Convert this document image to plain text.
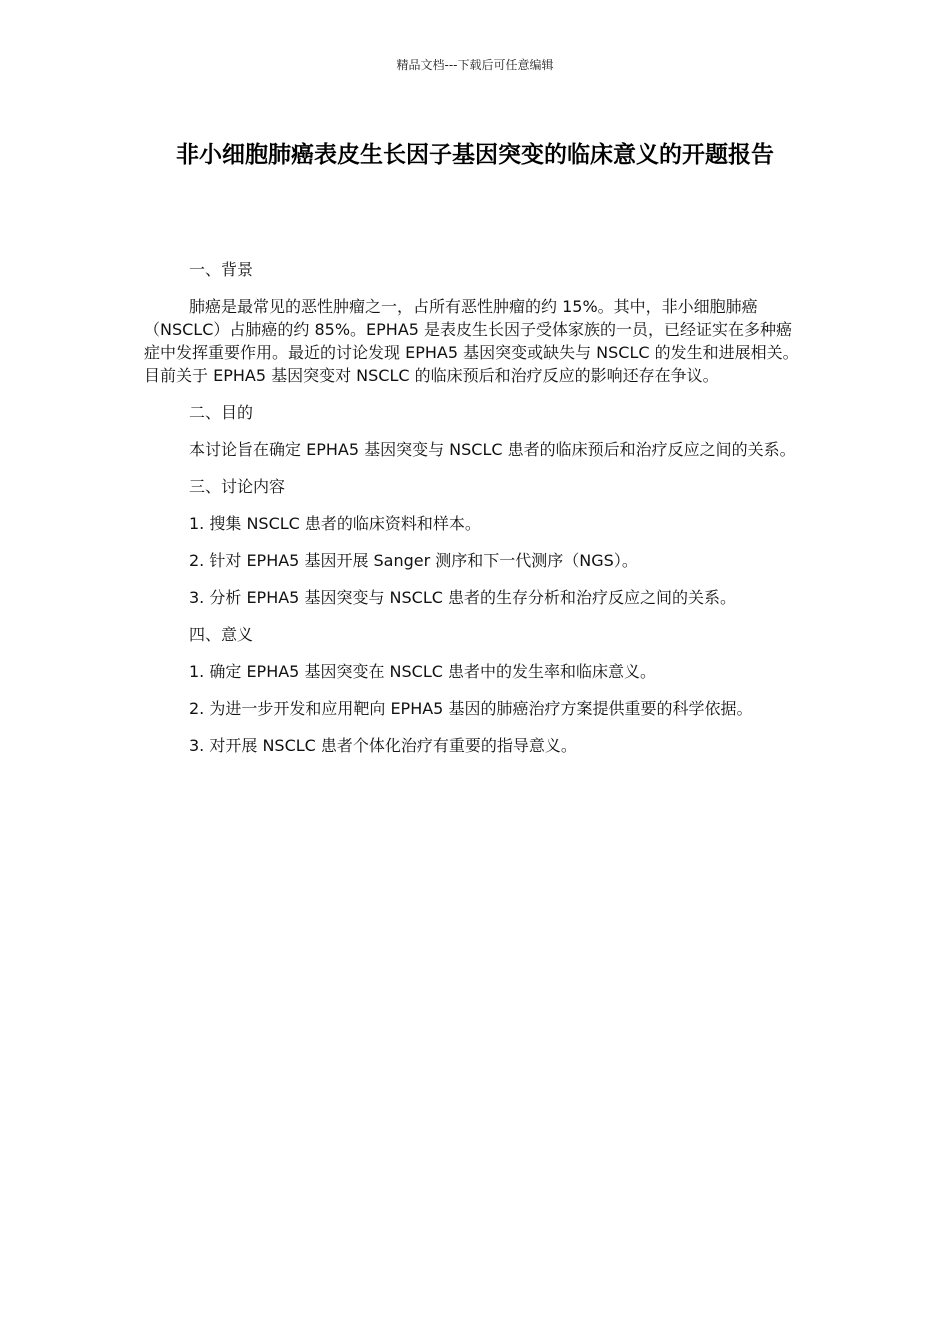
精品文档---下载后可任意编辑
非小细胞肺癌表皮生长因子基因突变的临床意义的开题报告

一、背景

肺癌是最常见的恶性肿瘤之一，占所有恶性肿瘤的约 15%。其中，非小细胞肺癌（NSCLC）占肺癌的约 85%。EPHA5 是表皮生长因子受体家族的一员，已经证实在多种癌症中发挥重要作用。最近的讨论发现 EPHA5 基因突变或缺失与 NSCLC 的发生和进展相关。目前关于 EPHA5 基因突变对 NSCLC 的临床预后和治疗反应的影响还存在争议。

二、目的

本讨论旨在确定 EPHA5 基因突变与 NSCLC 患者的临床预后和治疗反应之间的关系。

三、讨论内容

1. 搜集 NSCLC 患者的临床资料和样本。

2. 针对 EPHA5 基因开展 Sanger 测序和下一代测序（NGS）。

3. 分析 EPHA5 基因突变与 NSCLC 患者的生存分析和治疗反应之间的关系。

四、意义

1. 确定 EPHA5 基因突变在 NSCLC 患者中的发生率和临床意义。

2. 为进一步开发和应用靶向 EPHA5 基因的肺癌治疗方案提供重要的科学依据。

3. 对开展 NSCLC 患者个体化治疗有重要的指导意义。
